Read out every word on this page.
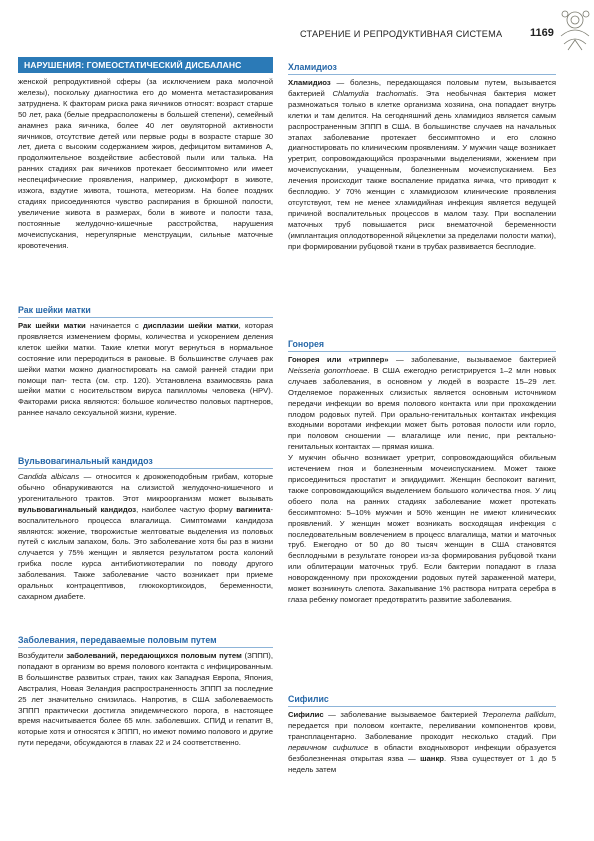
СТАРЕНИЕ И РЕПРОДУКТИВНАЯ СИСТЕМА	1169
НАРУШЕНИЯ: ГОМЕОСТАТИЧЕСКИЙ ДИСБАЛАНС

женской репродуктивной сферы (за исключением рака молочной железы), поскольку диагностика его до момента метастазирования затруднена. К факторам риска рака яичников относят: возраст старше 50 лет, рака (белые предрасположены в большей степени), семейный анамнез рака яичника, более 40 лет овуляторной активности яичников, отсутствие детей или первые роды в возрасте старше 30 лет, диета с высоким содержанием жиров, дефицитом витаминов A, продолжительное воздействие асбестовой пыли или талька. На ранних стадиях рак яичников протекает бессимптомно или имеет неспецифические проявления, например, дискомфорт в животе, изжога, вздутие живота, тошнота, метеоризм. На более поздних стадиях присоединяются чувство распирания в брюшной полости, увеличение живота в размерах, боли в животе и полости таза, постоянные желудочно-кишечные расстройства, нарушения мочеиспускания, нерегулярные менструации, сильные маточные кровотечения.

Рак шейки матки

Рак шейки матки начинается с дисплазии шейки матки, которая проявляется изменением формы, количества и ускорением деления клеток шейки матки. Такие клетки могут вернуться в нормальное состояние или переродиться в раковые. В большинстве случаев рак шейки матки можно диагностировать на самой ранней стадии при помощи пап- теста (см. стр. 120). Установлена взаимосвязь рака шейки матки с носительством вируса папилломы человека (HPV). Факторами риска являются: большое количество половых партнеров, раннее начало сексуальной жизни, курение.

Вульвовагинальный кандидоз

Candida albicans — относится к дрожжеподобным грибам, которые обычно обнаруживаются на слизистой желудочно-кишечного и урогенитального трактов. Этот микроорганизм может вызывать вульвовагинальный кандидоз, наиболее частую форму вагинита- воспалительного процесса влагалища. Симптомами кандидоза являются: жжение, творожистые желтоватые выделения из половых путей с кислым запахом, боль. Это заболевание хотя бы раз в жизни случается у 75% женщин и является результатом роста колоний грибка после курса антибиотикотерапии по поводу другого заболевания. Также заболевание часто возникает при приеме оральных контрацептивов, глюкокортикоидов, беременности, сахарном диабете.

Заболевания, передаваемые половым путем

Возбудители заболеваний, передающихся половым путем (ЗППП), попадают в организм во время полового контакта с инфицированным. В большинстве развитых стран, таких как Западная Европа, Япония, Австралия, Новая Зеландия распространенность ЗППП за последние 25 лет значительно снизилась. Напротив, в США заболеваемость ЗППП практически достигла эпидемического порога, в настоящее время насчитывается более 65 млн. заболевших. СПИД и гепатит B, которые хотя и относятся к ЗППП, но имеют помимо полового и другие пути передачи, обсуждаются в главах 22 и 24 соответственно.

Хламидиоз

Хламидиоз — болезнь, передающаяся половым путем, вызывается бактерией Chlamydia trachomatis. Эта необычная бактерия может размножаться только в клетке организма хозяина, она попадает внутрь клетки и там делится. На сегодняшний день хламидиоз является самым распространенным ЗППП в США. В большинстве случаев на начальных этапах заболевание протекает бессимптомно и его сложно диагностировать по клиническим проявлениям. У мужчин чаще возникает уретрит, сопровождающийся прозрачными выделениями, жжением при мочеиспускании, учащенным, болезненным мочеиспусканием. Без лечения происходит также воспаление придатка яичка, что приводит к бесплодию. У 70% женщин с хламидиозом клинические проявления отсутствуют, тем не менее хламидийная инфекция является ведущей причиной воспалительных процессов в малом тазу. При воспалении маточных труб повышается риск внематочной беременности (имплантация оплодотворенной яйцеклетки за пределами полости матки), при формировании рубцовой ткани в трубах развивается бесплодие.

Гонорея

Гонорея или «триппер» — заболевание, вызываемое бактерией Neisseria gonorrhoeae. В США ежегодно регистрируется 1–2 млн новых случаев заболевания, в основном у людей в возрасте 15–29 лет. Отделяемое пораженных слизистых является основным источником передачи инфекции во время полового контакта или при прохождении плодом родовых путей. При орально-генитальных контактах инфекция входными воротами инфекции может быть ротовая полости или горло, при половом сношении — влагалище или пенис, при ректально-генитальных контактах — прямая кишка.

У мужчин обычно возникает уретрит, сопровождающийся обильным истечением гноя и болезненным мочеиспусканием. Может также присоединиться простатит и эпидидимит. Женщин беспокоит вагинит, также сопровождающийся выделением большого количества гноя. У лиц обоего пола на ранних стадиях заболевание может протекать бессимптомно: 5–10% мужчин и 50% женщин не имеют клинических проявлений. У женщин может возникать восходящая инфекция с последовательным вовлечением в процесс влагалища, матки и маточных труб. Ежегодно от 50 до 80 тысяч женщин в США становятся бесплодными в результате гонореи из-за формирования рубцовой ткани или облитерации маточных труб. Если бактерии попадают в глаза новорожденному при прохождении родовых путей зараженной матери, может возникнуть слепота. Закапывание 1% раствора нитрата серебра в глаза ребенку помогает предотвратить развитие заболевания.

Сифилис

Сифилис — заболевание вызываемое бактерией Treponema pallidum, передается при половом контакте, переливании компонентов крови, трансплацентарно. Заболевание проходит несколько стадий. При первичном сифилисе в области входныхворот инфекции образуется безболезненная открытая язва — шанкр. Язва существует от 1 до 5 недель затем
